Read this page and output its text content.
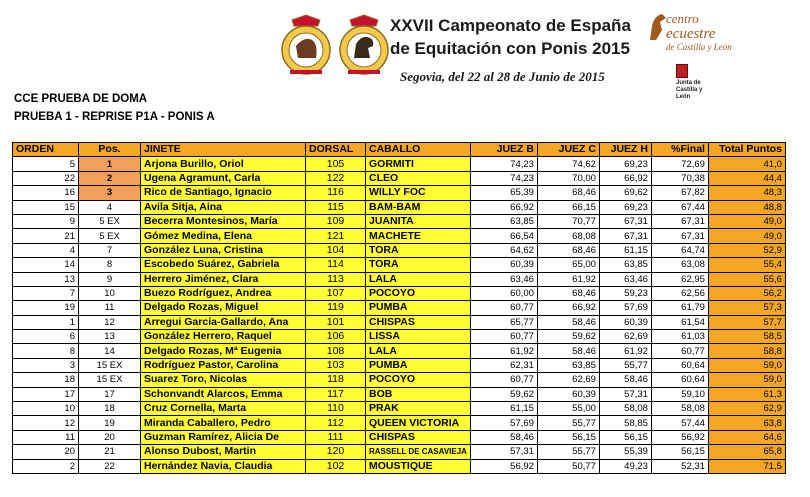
XXVII Campeonato de España
de Equitación con Ponis 2015
Segovia, del 22 al 28 de Junio de 2015
centro
ecuestre
de Castilla y León
Junta de
Castilla y León
CCE PRUEBA DE DOMA
PRUEBA 1 - REPRISE P1A - PONIS A
ORDEN	Pos.	JINETE	DORSAL	CABALLO	JUEZ B	JUEZ C	JUEZ H	%Final	Total Puntos
5	1	Arjona Burillo, Oriol	105	GORMITI	74,23	74,62	69,23	72,69	41,0
22	2	Ugena Agramunt, Carla	122	CLEO	74,23	70,00	66,92	70,38	44,4
16	3	Rico de Santiago, Ignacio	116	WILLY FOC	65,39	68,46	69,62	67,82	48,3
15	4	Avila Sitja, Aina	115	BAM-BAM	66,92	66,15	69,23	67,44	48,8
9	5 EX	Becerra Montesinos, María	109	JUANITA	63,85	70,77	67,31	67,31	49,0
21	5 EX	Gómez Medina, Elena	121	MACHETE	66,54	68,08	67,31	67,31	49,0
4	7	González Luna, Cristina	104	TORA	64,62	68,46	61,15	64,74	52,9
14	8	Escobedo Suárez, Gabriela	114	TORA	60,39	65,00	63,85	63,08	55,4
13	9	Herrero Jiménez, Clara	113	LALA	63,46	61,92	63,46	62,95	55,6
7	10	Buezo Rodríguez, Andrea	107	POCOYO	60,00	68,46	59,23	62,56	56,2
19	11	Delgado Rozas, Miguel	119	PUMBA	60,77	66,92	57,69	61,79	57,3
1	12	Arregui García-Gallardo, Ana	101	CHISPAS	65,77	58,46	60,39	61,54	57,7
6	13	González Herrero, Raquel	106	LISSA	60,77	59,62	62,69	61,03	58,5
8	14	Delgado Rozas, Mª Eugenia	108	LALA	61,92	58,46	61,92	60,77	58,8
3	15 EX	Rodríguez Pastor, Carolina	103	PUMBA	62,31	63,85	55,77	60,64	59,0
18	15 EX	Suarez Toro, Nicolas	118	POCOYO	60,77	62,69	58,46	60,64	59,0
17	17	Schonvandt Alarcos, Emma	117	BOB	59,62	60,39	57,31	59,10	61,3
10	18	Cruz Cornella, Marta	110	PRAK	61,15	55,00	58,08	58,08	62,9
12	19	Miranda Caballero, Pedro	112	QUEEN VICTORIA	57,69	55,77	58,85	57,44	63,8
11	20	Guzman Ramírez, Alicia De	111	CHISPAS	58,46	56,15	56,15	56,92	64,6
20	21	Alonso Dubost, Martin	120	RASSELL DE CASAVIEJA	57,31	55,77	55,39	56,15	65,8
2	22	Hernández Navia, Claudia	102	MOUSTIQUE	56,92	50,77	49,23	52,31	71,5
